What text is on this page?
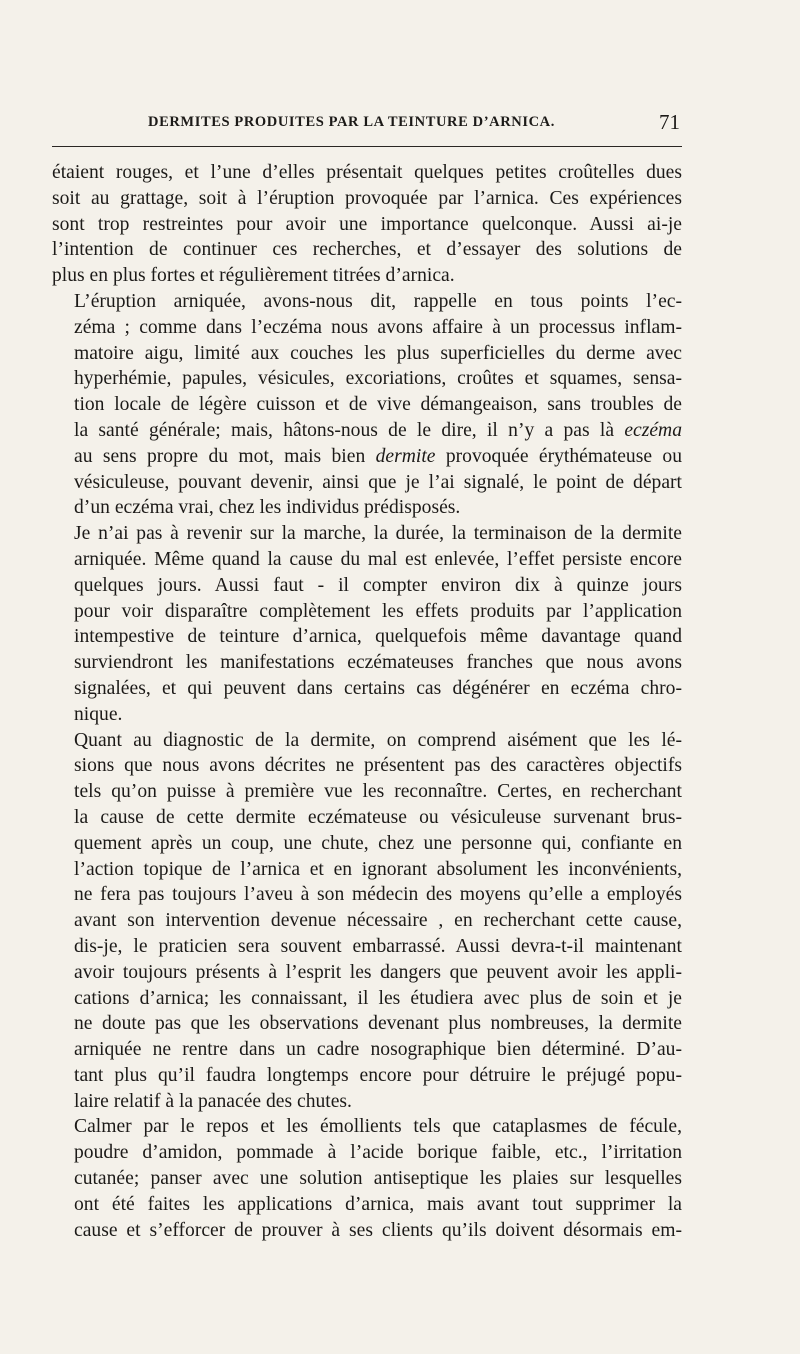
DERMITES PRODUITES PAR LA TEINTURE D’ARNICA.	71

étaient rouges, et l’une d’elles présentait quelques petites croûtelles dues
soit au grattage, soit à l’éruption provoquée par l’arnica. Ces expériences
sont trop restreintes pour avoir une importance quelconque. Aussi ai-je
l’intention de continuer ces recherches, et d’essayer des solutions de
plus en plus fortes et régulièrement titrées d’arnica.

L’éruption arniquée, avons-nous dit, rappelle en tous points l’ec-
zéma ; comme dans l’eczéma nous avons affaire à un processus inflam-
matoire aigu, limité aux couches les plus superficielles du derme avec
hyperhémie, papules, vésicules, excoriations, croûtes et squames, sensa-
tion locale de légère cuisson et de vive démangeaison, sans troubles de
la santé générale; mais, hâtons-nous de le dire, il n’y a pas là eczéma
au sens propre du mot, mais bien dermite provoquée érythémateuse ou
vésiculeuse, pouvant devenir, ainsi que je l’ai signalé, le point de départ
d’un eczéma vrai, chez les individus prédisposés.

Je n’ai pas à revenir sur la marche, la durée, la terminaison de la dermite
arniquée. Même quand la cause du mal est enlevée, l’effet persiste encore
quelques jours. Aussi faut - il compter environ dix à quinze jours
pour voir disparaître complètement les effets produits par l’application
intempestive de teinture d’arnica, quelquefois même davantage quand
surviendront les manifestations eczémateuses franches que nous avons
signalées, et qui peuvent dans certains cas dégénérer en eczéma chro-
nique.

Quant au diagnostic de la dermite, on comprend aisément que les lé-
sions que nous avons décrites ne présentent pas des caractères objectifs
tels qu’on puisse à première vue les reconnaître. Certes, en recherchant
la cause de cette dermite eczémateuse ou vésiculeuse survenant brus-
quement après un coup, une chute, chez une personne qui, confiante en
l’action topique de l’arnica et en ignorant absolument les inconvénients,
ne fera pas toujours l’aveu à son médecin des moyens qu’elle a employés
avant son intervention devenue nécessaire , en recherchant cette cause,
dis-je, le praticien sera souvent embarrassé. Aussi devra-t-il maintenant
avoir toujours présents à l’esprit les dangers que peuvent avoir les appli-
cations d’arnica; les connaissant, il les étudiera avec plus de soin et je
ne doute pas que les observations devenant plus nombreuses, la dermite
arniquée ne rentre dans un cadre nosographique bien déterminé. D’au-
tant plus qu’il faudra longtemps encore pour détruire le préjugé popu-
laire relatif à la panacée des chutes.

Calmer par le repos et les émollients tels que cataplasmes de fécule,
poudre d’amidon, pommade à l’acide borique faible, etc., l’irritation
cutanée; panser avec une solution antiseptique les plaies sur lesquelles
ont été faites les applications d’arnica, mais avant tout supprimer la
cause et s’efforcer de prouver à ses clients qu’ils doivent désormais em-
